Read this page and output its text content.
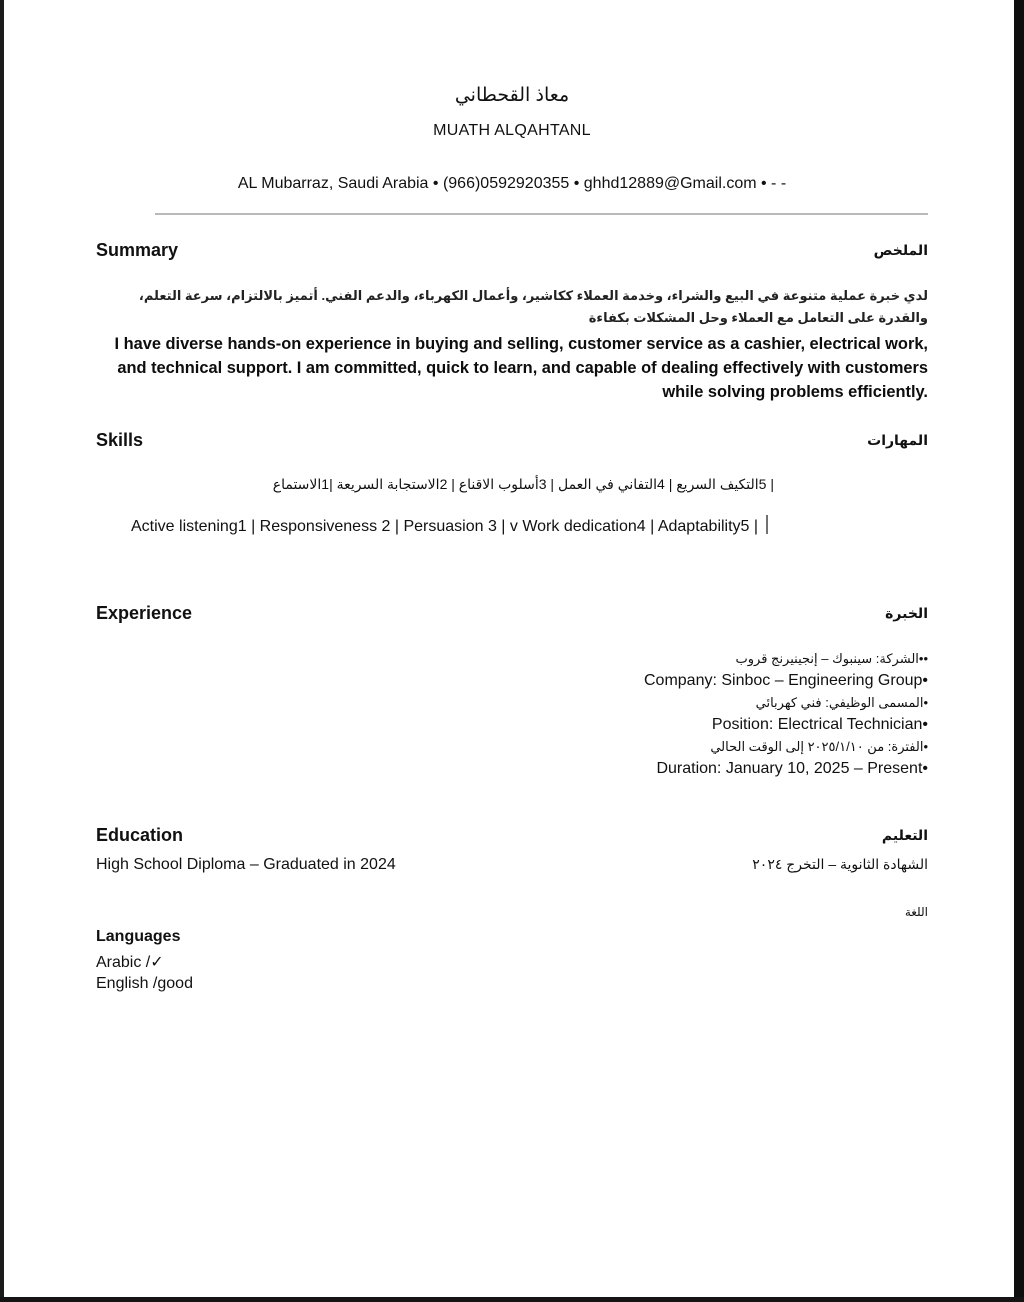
معاذ القحطاني
MUATH ALQAHTANL
AL Mubarraz, Saudi Arabia • (966)0592920355 • ghhd12889@Gmail.com • - -
Summary	الملخص
لدي خبرة عملية متنوعة في البيع والشراء، وخدمة العملاء ككاشير، وأعمال الكهرباء، والدعم الفني. أتميز بالالتزام، سرعة التعلم، والقدرة على التعامل مع العملاء وحل المشكلات بكفاءة
I have diverse hands-on experience in buying and selling, customer service as a cashier, electrical work, and technical support. I am committed, quick to learn, and capable of dealing effectively with customers while solving problems efficiently.
Skills	المهارات
| 5التكيف السريع | 4التفاني في العمل | 3أسلوب الاقناع | 2الاستجابة السريعة |1الاستماع
Active listening1 | Responsiveness 2 | Persuasion 3 | v Work dedication4 | Adaptability5 | ׀
Experience	الخبرة
••الشركة: سينبوك – إنجينيرنج قروب
Company: Sinboc – Engineering Group•
•المسمى الوظيفي: فني كهربائي
Position: Electrical Technician•
•الفترة: من ٢٠٢٥/١/١٠ إلى الوقت الحالي
Duration: January 10, 2025 – Present•
Education	التعليم
High School Diploma – Graduated in 2024	الشهادة الثانوية – التخرج ٢٠٢٤
اللغة
Languages
Arabic /✓
English /good
